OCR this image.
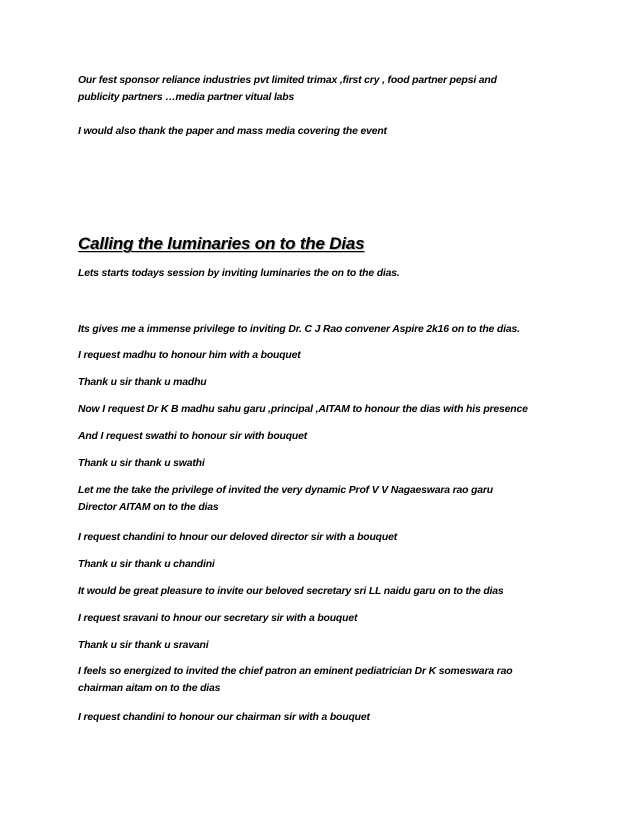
Our fest sponsor reliance industries pvt limited trimax ,first cry , food partner pepsi and
publicity partners …media partner vitual labs

I would also thank the paper and mass media covering the event

Calling the luminaries on to the Dias

Lets starts todays session by inviting luminaries the on to the dias.

Its gives me a immense privilege to inviting Dr. C J Rao convener Aspire 2k16 on to the dias.

I request madhu to honour him with a bouquet

Thank u sir thank u madhu

Now I request Dr K B madhu sahu garu ,principal ,AITAM to honour the dias with his presence

And I request swathi to honour sir with bouquet

Thank u sir thank u swathi

Let me the take the privilege of invited the very dynamic Prof V V Nagaeswara rao garu
Director AITAM on to the dias

I request chandini to hnour our deloved director sir with a bouquet

Thank u sir thank u chandini

It would be great pleasure to invite our beloved secretary sri LL naidu garu on to the dias

I request sravani to hnour our secretary sir with a bouquet

Thank u sir thank u sravani

I feels so energized to invited the chief patron an eminent pediatrician Dr K someswara rao
chairman aitam on to the dias

I request chandini to honour our chairman sir with a bouquet
